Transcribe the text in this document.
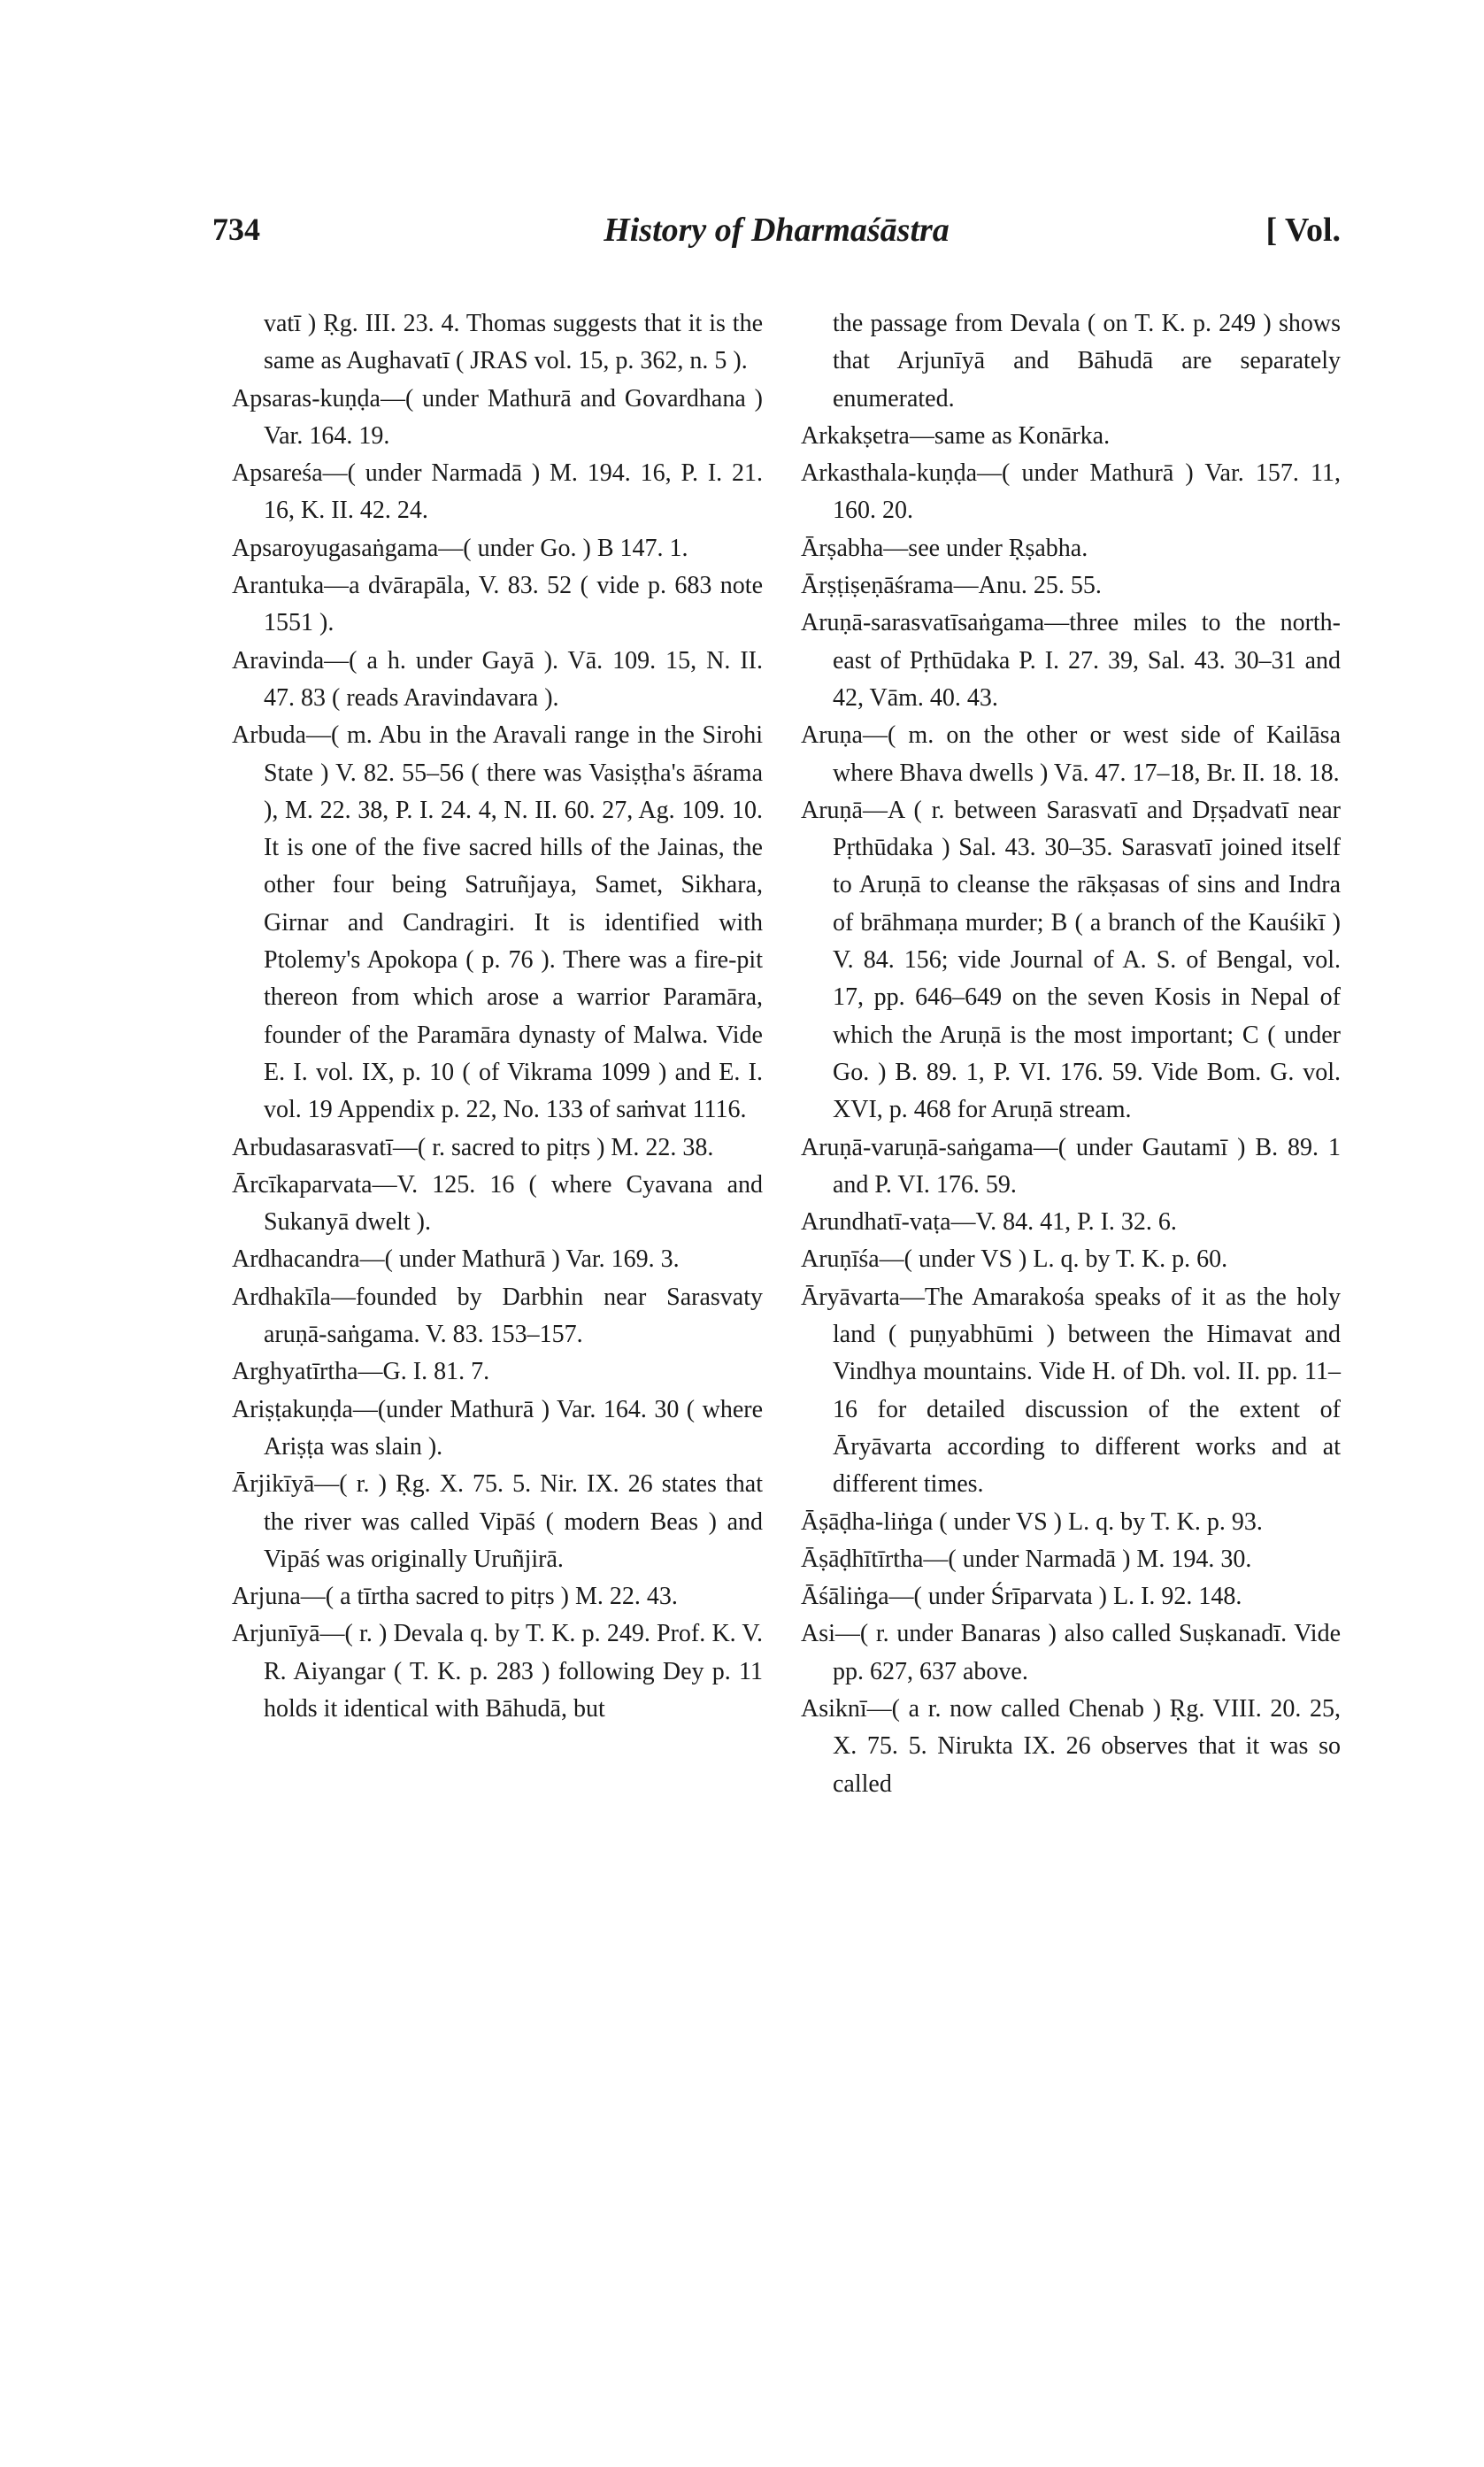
734	History of Dharmaśāstra	[ Vol.

vatī ) Ṛg. III. 23. 4. Thomas suggests that it is the same as Aughavatī ( JRAS vol. 15, p. 362, n. 5 ).

Apsaras-kuṇḍa—( under Mathurā and Govardhana ) Var. 164. 19.

Apsareśa—( under Narmadā ) M. 194. 16, P. I. 21. 16, K. II. 42. 24.

Apsaroyugasaṅgama—( under Go. ) B 147. 1.

Arantuka—a dvārapāla, V. 83. 52 ( vide p. 683 note 1551 ).

Aravinda—( a h. under Gayā ). Vā. 109. 15, N. II. 47. 83 ( reads Aravindavara ).

Arbuda—( m. Abu in the Aravali range in the Sirohi State ) V. 82. 55–56 ( there was Vasiṣṭha's āśrama ), M. 22. 38, P. I. 24. 4, N. II. 60. 27, Ag. 109. 10. It is one of the five sacred hills of the Jainas, the other four being Satruñjaya, Samet, Sikhara, Girnar and Candragiri. It is identified with Ptolemy's Apokopa ( p. 76 ). There was a fire-pit thereon from which arose a warrior Paramāra, founder of the Paramāra dynasty of Malwa. Vide E. I. vol. IX, p. 10 ( of Vikrama 1099 ) and E. I. vol. 19 Appendix p. 22, No. 133 of saṁvat 1116.

Arbudasarasvatī—( r. sacred to pitṛs ) M. 22. 38.

Ārcīkaparvata—V. 125. 16 ( where Cyavana and Sukanyā dwelt ).

Ardhacandra—( under Mathurā ) Var. 169. 3.

Ardhakīla—founded by Darbhin near Sarasvaty aruṇā-saṅgama. V. 83. 153–157.

Arghyatīrtha—G. I. 81. 7.

Ariṣṭakuṇḍa—(under Mathurā ) Var. 164. 30 ( where Ariṣṭa was slain ).

Ārjikīyā—( r. ) Ṛg. X. 75. 5. Nir. IX. 26 states that the river was called Vipāś ( modern Beas ) and Vipāś was originally Uruñjirā.

Arjuna—( a tīrtha sacred to pitṛs ) M. 22. 43.

Arjunīyā—( r. ) Devala q. by T. K. p. 249. Prof. K. V. R. Aiyangar ( T. K. p. 283 ) following Dey p. 11 holds it identical with Bāhudā, but

the passage from Devala ( on T. K. p. 249 ) shows that Arjunīyā and Bāhudā are separately enumerated.

Arkakṣetra—same as Konārka.

Arkasthala-kuṇḍa—( under Mathurā ) Var. 157. 11, 160. 20.

Ārṣabha—see under Ṛṣabha.

Ārṣṭiṣeṇāśrama—Anu. 25. 55.

Aruṇā-sarasvatīsaṅgama—three miles to the north-east of Pṛthūdaka P. I. 27. 39, Sal. 43. 30–31 and 42, Vām. 40. 43.

Aruṇa—( m. on the other or west side of Kailāsa where Bhava dwells ) Vā. 47. 17–18, Br. II. 18. 18.

Aruṇā—A ( r. between Sarasvatī and Dṛṣadvatī near Pṛthūdaka ) Sal. 43. 30–35. Sarasvatī joined itself to Aruṇā to cleanse the rākṣasas of sins and Indra of brāhmaṇa murder; B ( a branch of the Kauśikī ) V. 84. 156; vide Journal of A. S. of Bengal, vol. 17, pp. 646–649 on the seven Kosis in Nepal of which the Aruṇā is the most important; C ( under Go. ) B. 89. 1, P. VI. 176. 59. Vide Bom. G. vol. XVI, p. 468 for Aruṇā stream.

Aruṇā-varuṇā-saṅgama—( under Gautamī ) B. 89. 1 and P. VI. 176. 59.

Arundhatī-vaṭa—V. 84. 41, P. I. 32. 6.

Aruṇīśa—( under VS ) L. q. by T. K. p. 60.

Āryāvarta—The Amarakośa speaks of it as the holy land ( puṇyabhūmi ) between the Himavat and Vindhya mountains. Vide H. of Dh. vol. II. pp. 11–16 for detailed discussion of the extent of Āryāvarta according to different works and at different times.

Āṣāḍha-liṅga ( under VS ) L. q. by T. K. p. 93.

Āṣāḍhītīrtha—( under Narmadā ) M. 194. 30.

Āśāliṅga—( under Śrīparvata ) L. I. 92. 148.

Asi—( r. under Banaras ) also called Suṣkanadī. Vide pp. 627, 637 above.

Asiknī—( a r. now called Chenab ) Ṛg. VIII. 20. 25, X. 75. 5. Nirukta IX. 26 observes that it was so called
